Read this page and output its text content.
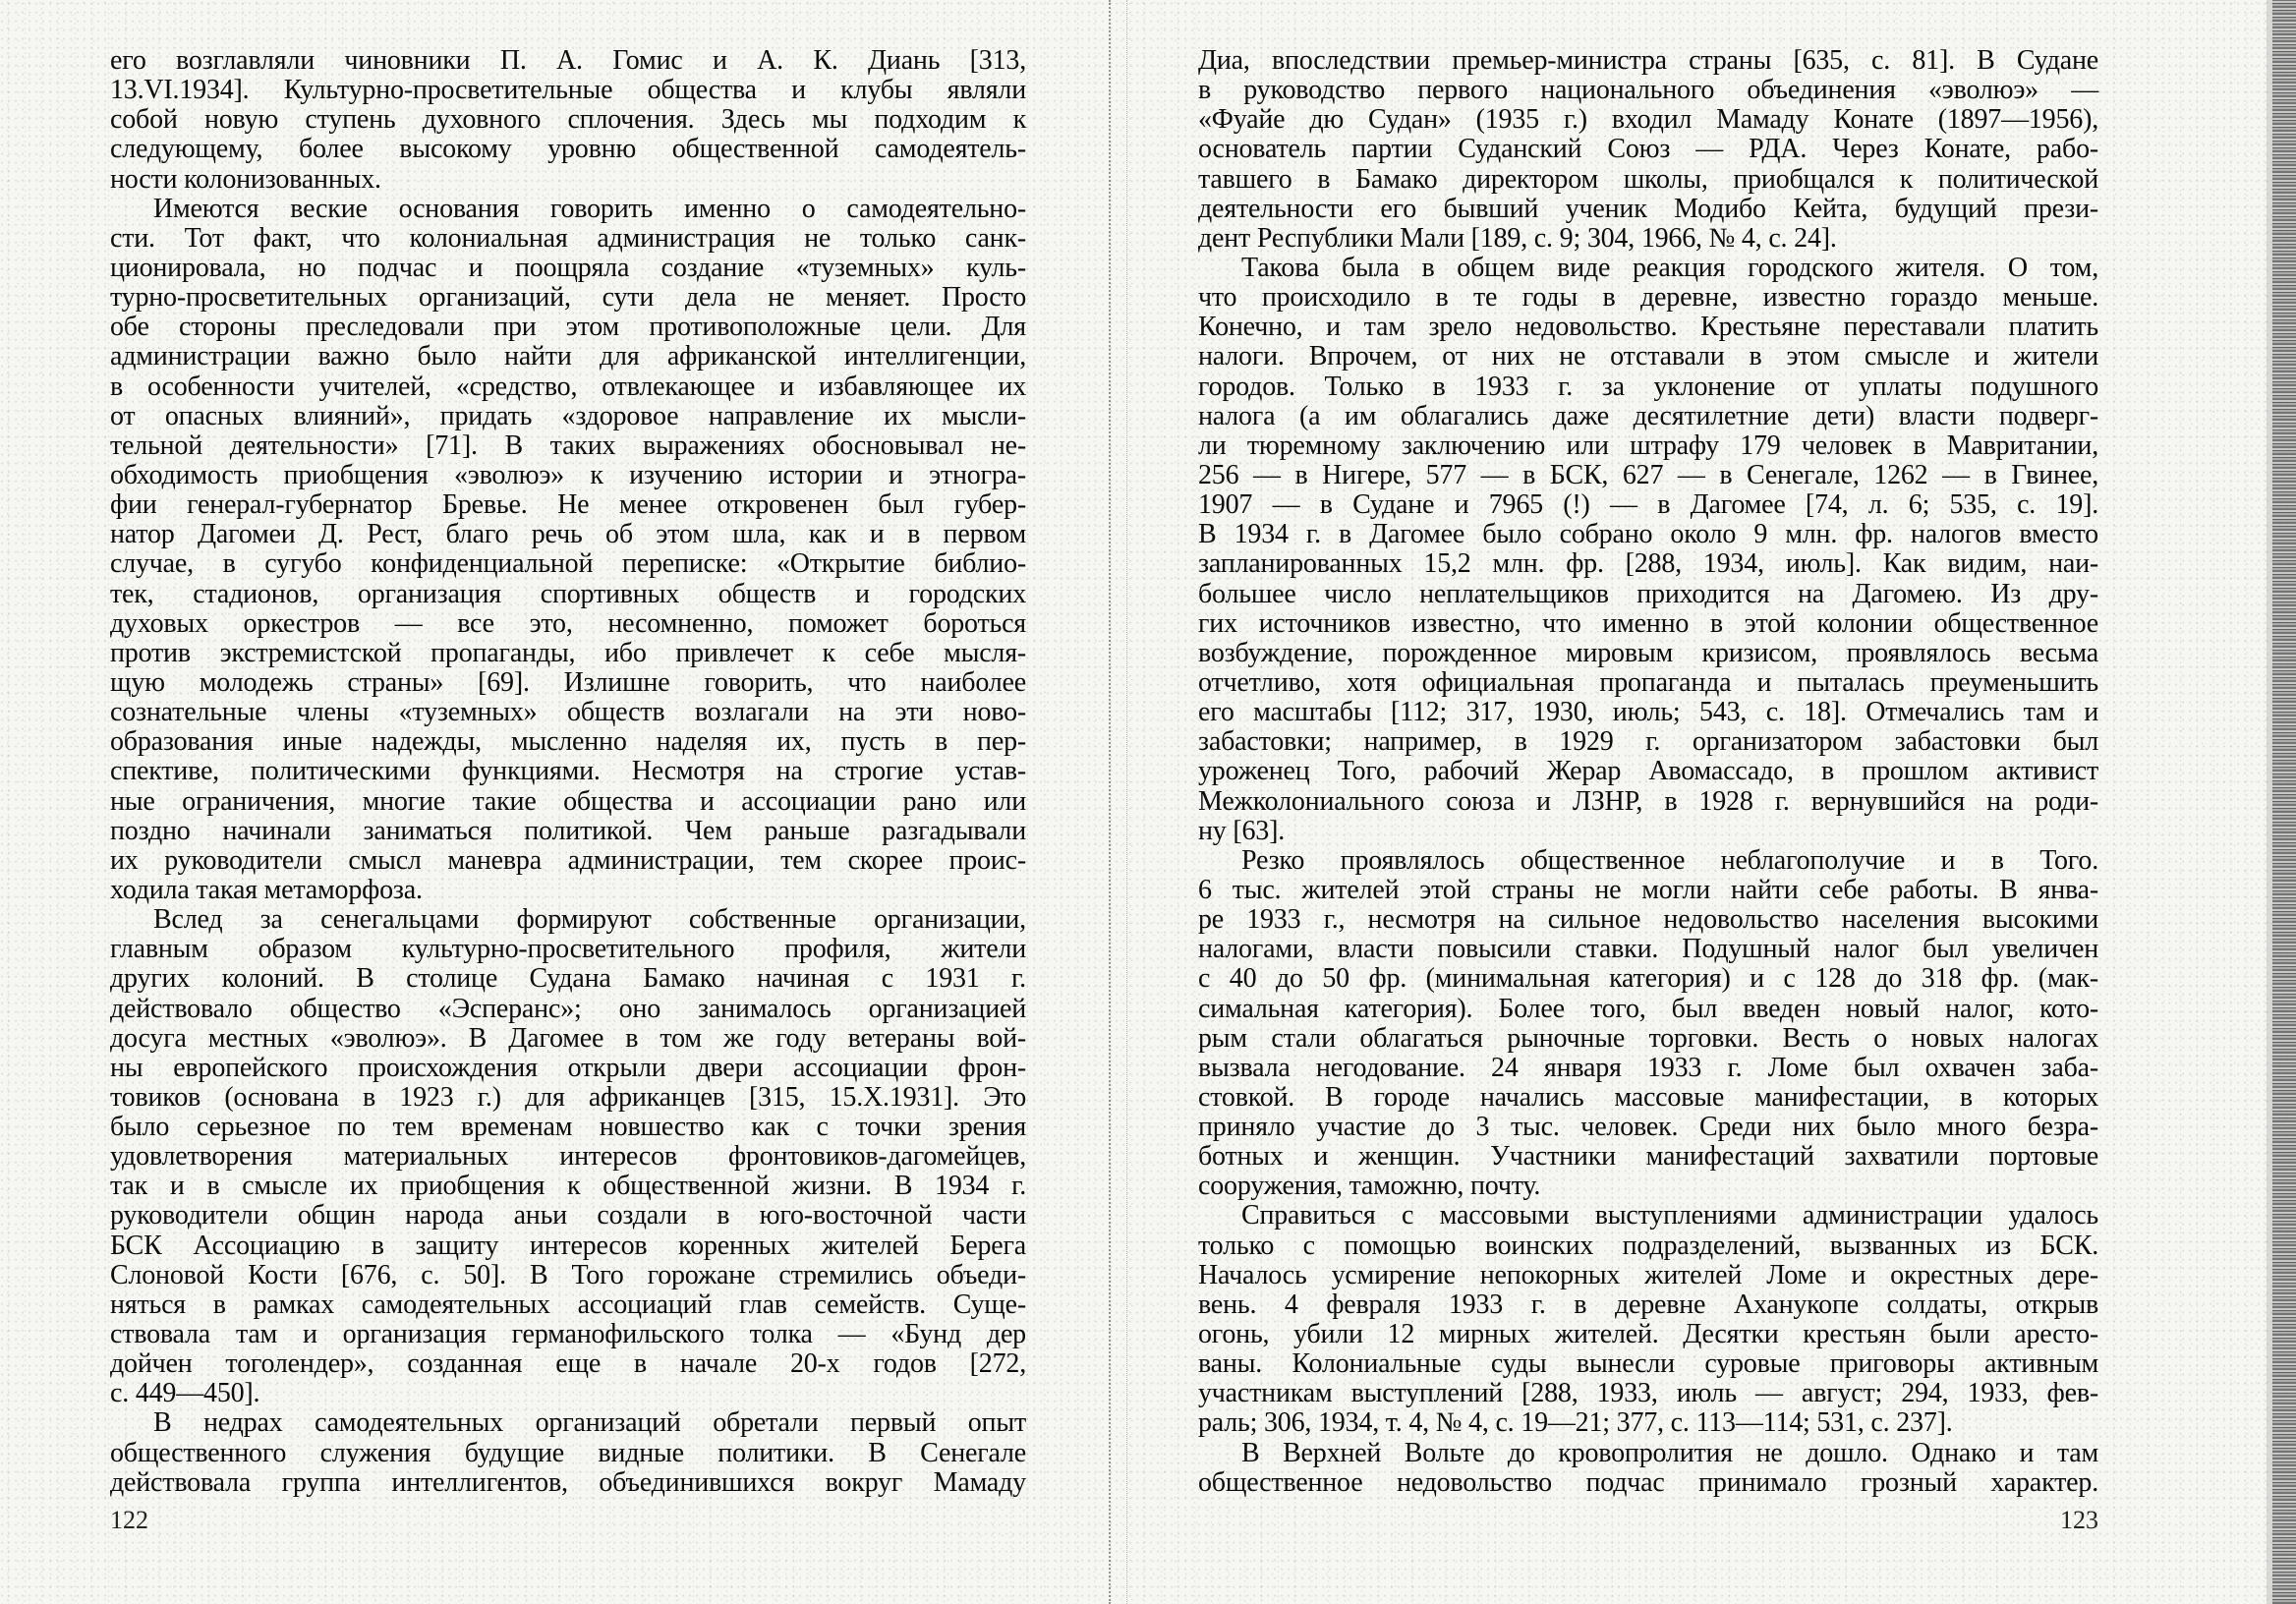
его возглавляли чиновники П. А. Гомис и А. К. Диань [313,
13.VI.1934]. Культурно-просветительные общества и клубы являли
собой новую ступень духовного сплочения. Здесь мы подходим к
следующему, более высокому уровню общественной самодеятель-
ности колонизованных.
Имеются веские основания говорить именно о самодеятельно-
сти. Тот факт, что колониальная администрация не только санк-
ционировала, но подчас и поощряла создание «туземных» куль-
турно-просветительных организаций, сути дела не меняет. Просто
обе стороны преследовали при этом противоположные цели. Для
администрации важно было найти для африканской интеллигенции,
в особенности учителей, «средство, отвлекающее и избавляющее их
от опасных влияний», придать «здоровое направление их мысли-
тельной деятельности» [71]. В таких выражениях обосновывал не-
обходимость приобщения «эволюэ» к изучению истории и этногра-
фии генерал-губернатор Бревье. Не менее откровенен был губер-
натор Дагомеи Д. Рест, благо речь об этом шла, как и в первом
случае, в сугубо конфиденциальной переписке: «Открытие библио-
тек, стадионов, организация спортивных обществ и городских
духовых оркестров — все это, несомненно, поможет бороться
против экстремистской пропаганды, ибо привлечет к себе мысля-
щую молодежь страны» [69]. Излишне говорить, что наиболее
сознательные члены «туземных» обществ возлагали на эти ново-
образования иные надежды, мысленно наделяя их, пусть в пер-
спективе, политическими функциями. Несмотря на строгие устав-
ные ограничения, многие такие общества и ассоциации рано или
поздно начинали заниматься политикой. Чем раньше разгадывали
их руководители смысл маневра администрации, тем скорее проис-
ходила такая метаморфоза.
Вслед за сенегальцами формируют собственные организации,
главным образом культурно-просветительного профиля, жители
других колоний. В столице Судана Бамако начиная с 1931 г.
действовало общество «Эсперанс»; оно занималось организацией
досуга местных «эволюэ». В Дагомее в том же году ветераны вой-
ны европейского происхождения открыли двери ассоциации фрон-
товиков (основана в 1923 г.) для африканцев [315, 15.X.1931]. Это
было серьезное по тем временам новшество как с точки зрения
удовлетворения материальных интересов фронтовиков-дагомейцев,
так и в смысле их приобщения к общественной жизни. В 1934 г.
руководители общин народа аньи создали в юго-восточной части
БСК Ассоциацию в защиту интересов коренных жителей Берега
Слоновой Кости [676, с. 50]. В Того горожане стремились объеди-
няться в рамках самодеятельных ассоциаций глав семейств. Суще-
ствовала там и организация германофильского толка — «Бунд дер
дойчен тоголендер», созданная еще в начале 20-х годов [272,
с. 449—450].
В недрах самодеятельных организаций обретали первый опыт
общественного служения будущие видные политики. В Сенегале
действовала группа интеллигентов, объединившихся вокруг Мамаду
Диа, впоследствии премьер-министра страны [635, с. 81]. В Судане
в руководство первого национального объединения «эволюэ» —
«Фуайе дю Судан» (1935 г.) входил Мамаду Конате (1897—1956),
основатель партии Суданский Союз — РДА. Через Конате, рабо-
тавшего в Бамако директором школы, приобщался к политической
деятельности его бывший ученик Модибо Кейта, будущий прези-
дент Республики Мали [189, с. 9; 304, 1966, № 4, с. 24].
Такова была в общем виде реакция городского жителя. О том,
что происходило в те годы в деревне, известно гораздо меньше.
Конечно, и там зрело недовольство. Крестьяне переставали платить
налоги. Впрочем, от них не отставали в этом смысле и жители
городов. Только в 1933 г. за уклонение от уплаты подушного
налога (а им облагались даже десятилетние дети) власти подверг-
ли тюремному заключению или штрафу 179 человек в Мавритании,
256 — в Нигере, 577 — в БСК, 627 — в Сенегале, 1262 — в Гвинее,
1907 — в Судане и 7965 (!) — в Дагомее [74, л. 6; 535, с. 19].
В 1934 г. в Дагомее было собрано около 9 млн. фр. налогов вместо
запланированных 15,2 млн. фр. [288, 1934, июль]. Как видим, наи-
большее число неплательщиков приходится на Дагомею. Из дру-
гих источников известно, что именно в этой колонии общественное
возбуждение, порожденное мировым кризисом, проявлялось весьма
отчетливо, хотя официальная пропаганда и пыталась преуменьшить
его масштабы [112; 317, 1930, июль; 543, с. 18]. Отмечались там и
забастовки; например, в 1929 г. организатором забастовки был
уроженец Того, рабочий Жерар Авомассадо, в прошлом активист
Межколониального союза и ЛЗНР, в 1928 г. вернувшийся на роди-
ну [63].
Резко проявлялось общественное неблагополучие и в Того.
6 тыс. жителей этой страны не могли найти себе работы. В янва-
ре 1933 г., несмотря на сильное недовольство населения высокими
налогами, власти повысили ставки. Подушный налог был увеличен
с 40 до 50 фр. (минимальная категория) и с 128 до 318 фр. (мак-
симальная категория). Более того, был введен новый налог, кото-
рым стали облагаться рыночные торговки. Весть о новых налогах
вызвала негодование. 24 января 1933 г. Ломе был охвачен заба-
стовкой. В городе начались массовые манифестации, в которых
приняло участие до 3 тыс. человек. Среди них было много безра-
ботных и женщин. Участники манифестаций захватили портовые
сооружения, таможню, почту.
Справиться с массовыми выступлениями администрации удалось
только с помощью воинских подразделений, вызванных из БСК.
Началось усмирение непокорных жителей Ломе и окрестных дере-
вень. 4 февраля 1933 г. в деревне Аханукопе солдаты, открыв
огонь, убили 12 мирных жителей. Десятки крестьян были аресто-
ваны. Колониальные суды вынесли суровые приговоры активным
участникам выступлений [288, 1933, июль — август; 294, 1933, фев-
раль; 306, 1934, т. 4, № 4, с. 19—21; 377, с. 113—114; 531, с. 237].
В Верхней Вольте до кровопролития не дошло. Однако и там
общественное недовольство подчас принимало грозный характер.
122	123
